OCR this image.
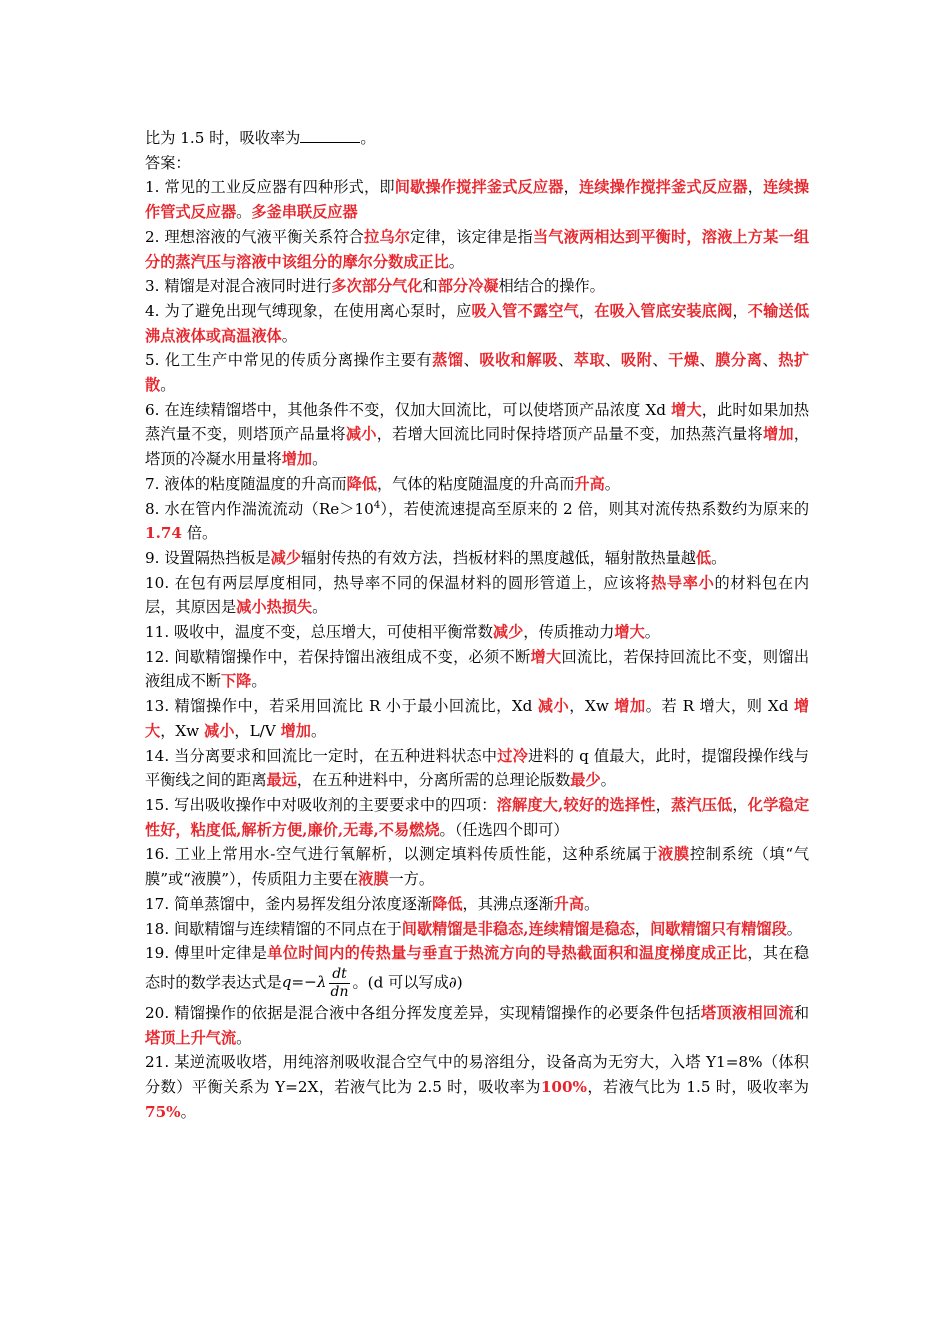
比为 1.5 时，吸收率为	。

答案：

1. 常见的工业反应器有四种形式，即间歇操作搅拌釜式反应器，连续操作搅拌釜式反应器，连续操作管式反应器。多釜串联反应器

2. 理想溶液的气液平衡关系符合拉乌尔定律，该定律是指当气液两相达到平衡时，溶液上方某一组分的蒸汽压与溶液中该组分的摩尔分数成正比。

3. 精馏是对混合液同时进行多次部分气化和部分冷凝相结合的操作。

4. 为了避免出现气缚现象，在使用离心泵时，应吸入管不露空气，在吸入管底安装底阀，不输送低沸点液体或高温液体。

5. 化工生产中常见的传质分离操作主要有蒸馏、吸收和解吸、萃取、吸附、干燥、膜分离、热扩散。

6. 在连续精馏塔中，其他条件不变，仅加大回流比，可以使塔顶产品浓度 Xd 增大，此时如果加热蒸汽量不变，则塔顶产品量将减小，若增大回流比同时保持塔顶产品量不变，加热蒸汽量将增加，塔顶的冷凝水用量将增加。

7. 液体的粘度随温度的升高而降低，气体的粘度随温度的升高而升高。

8. 水在管内作湍流流动$(Re>10^4)$，若使流速提高至原来的 2 倍，则其对流传热系数约为原来的 1.74 倍。

9. 设置隔热挡板是减少辐射传热的有效方法，挡板材料的黑度越低，辐射散热量越低。

10. 在包有两层厚度相同，热导率不同的保温材料的圆形管道上，应该将热导率小的材料包在内层，其原因是减小热损失。

11. 吸收中，温度不变，总压增大，可使相平衡常数减少，传质推动力增大。

12. 间歇精馏操作中，若保持馏出液组成不变，必须不断增大回流比，若保持回流比不变，则馏出液组成不断下降。

13. 精馏操作中，若采用回流比 R 小于最小回流比，Xd 减小，Xw 增加。若 R 增大，则 Xd 增大，Xw 减小，L/V 增加。

14. 当分离要求和回流比一定时，在五种进料状态中过冷进料的 q 值最大，此时，提馏段操作线与平衡线之间的距离最远，在五种进料中，分离所需的总理论版数最少。

15. 写出吸收操作中对吸收剂的主要要求中的四项：溶解度大,较好的选择性，蒸汽压低，化学稳定性好，粘度低,解析方便,廉价,无毒,不易燃烧。（任选四个即可）

16. 工业上常用水-空气进行氧解析，以测定填料传质性能，这种系统属于液膜控制系统（填“气膜”或“液膜”），传质阻力主要在液膜一方。

17. 简单蒸馏中，釜内易挥发组分浓度逐渐降低，其沸点逐渐升高。

18. 间歇精馏与连续精馏的不同点在于间歇精馏是非稳态,连续精馏是稳态，间歇精馏只有精馏段。

19. 傅里叶定律是单位时间内的传热量与垂直于热流方向的导热截面积和温度梯度成正比，其在稳态时的数学表达式是$q=-\lambda \frac{dt}{dn}$ 。(d 可以写成∂)

20. 精馏操作的依据是混合液中各组分挥发度差异，实现精馏操作的必要条件包括塔顶液相回流和塔顶上升气流。

21. 某逆流吸收塔，用纯溶剂吸收混合空气中的易溶组分，设备高为无穷大，入塔 Y1=8%（体积分数）平衡关系为 Y=2X，若液气比为 2.5 时，吸收率为100%，若液气比为 1.5 时，吸收率为75%。
